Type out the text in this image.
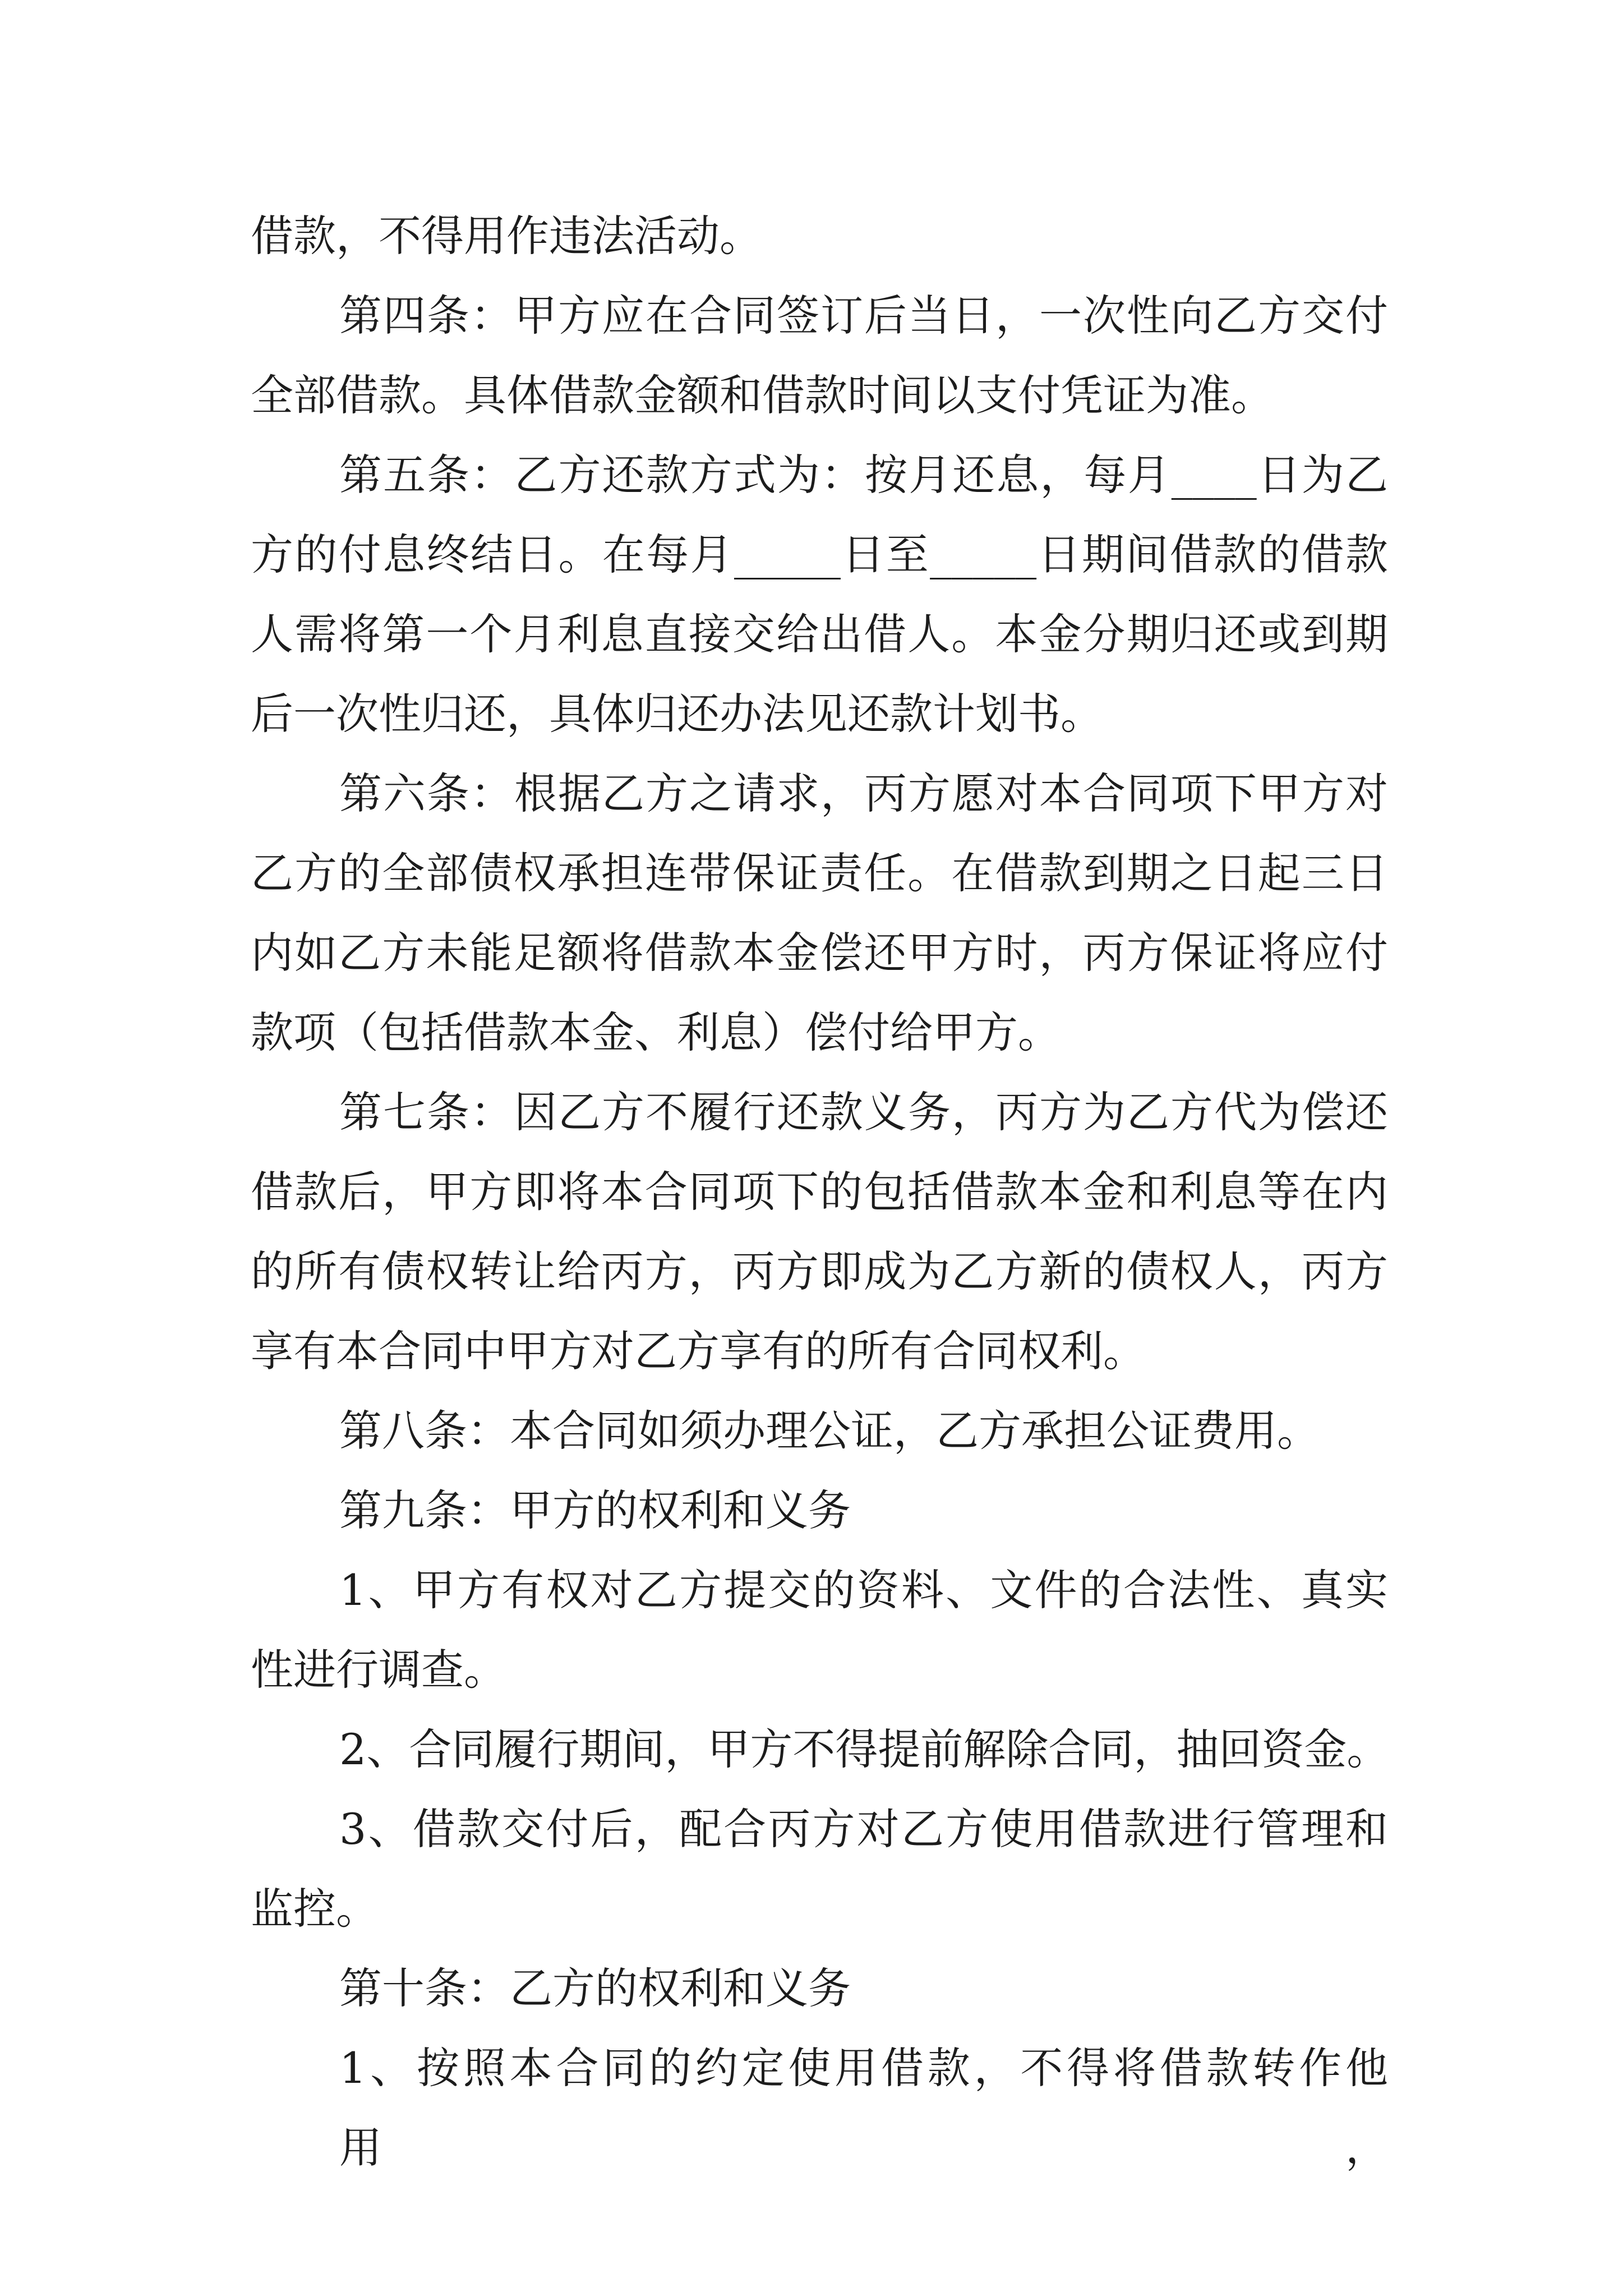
借款，不得用作违法活动。
第四条：甲方应在合同签订后当日，一次性向乙方交付
全部借款。具体借款金额和借款时间以支付凭证为准。
第五条：乙方还款方式为：按月还息，每月____日为乙
方的付息终结日。在每月_____日至_____日期间借款的借款
人需将第一个月利息直接交给出借人。本金分期归还或到期
后一次性归还，具体归还办法见还款计划书。
第六条：根据乙方之请求，丙方愿对本合同项下甲方对
乙方的全部债权承担连带保证责任。在借款到期之日起三日
内如乙方未能足额将借款本金偿还甲方时，丙方保证将应付
款项（包括借款本金、利息）偿付给甲方。
第七条：因乙方不履行还款义务，丙方为乙方代为偿还
借款后，甲方即将本合同项下的包括借款本金和利息等在内
的所有债权转让给丙方，丙方即成为乙方新的债权人，丙方
享有本合同中甲方对乙方享有的所有合同权利。
第八条：本合同如须办理公证，乙方承担公证费用。
第九条：甲方的权利和义务
1、甲方有权对乙方提交的资料、文件的合法性、真实
性进行调查。
2、合同履行期间，甲方不得提前解除合同，抽回资金。
3、借款交付后，配合丙方对乙方使用借款进行管理和
监控。
第十条：乙方的权利和义务
1、按照本合同的约定使用借款，不得将借款转作他用，
